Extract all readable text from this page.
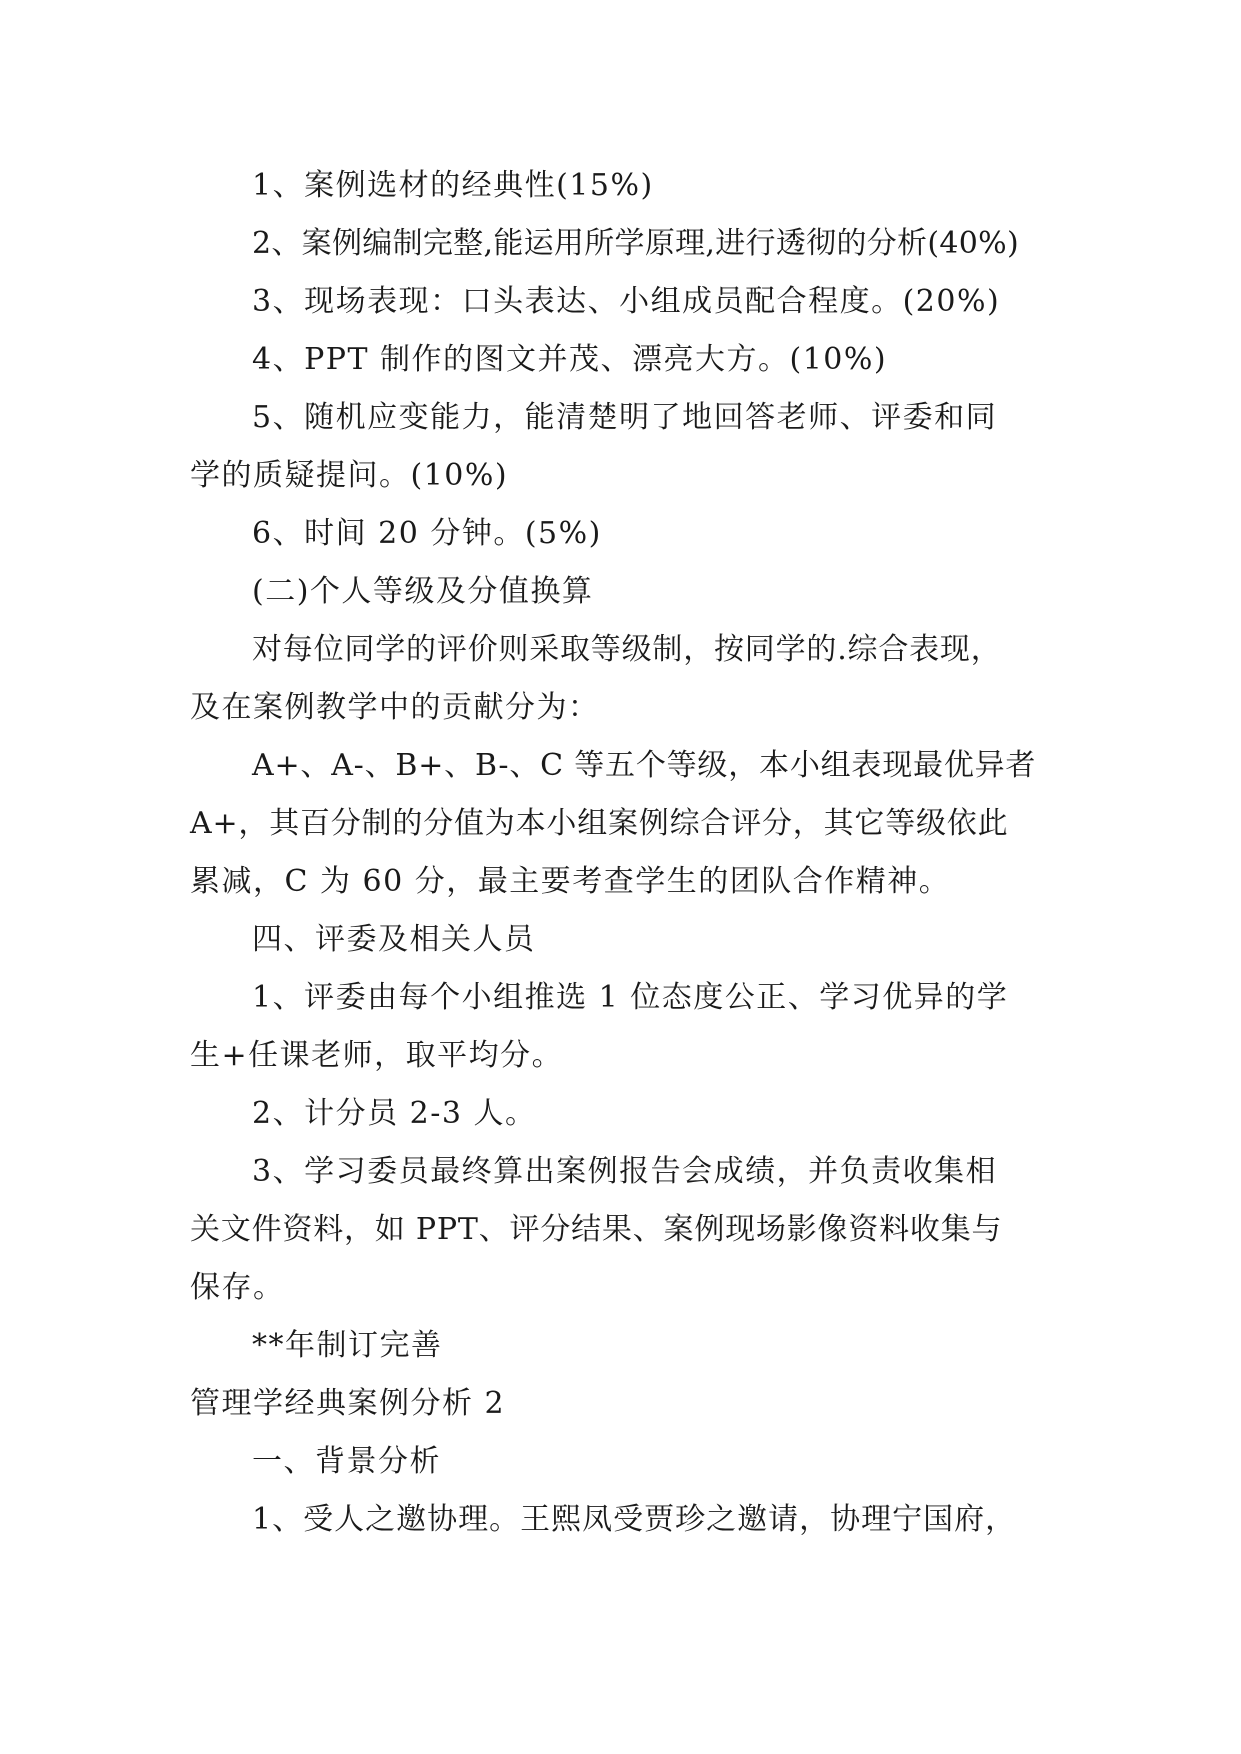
1、案例选材的经典性(15%)
2、案例编制完整,能运用所学原理,进行透彻的分析(40%)
3、现场表现：口头表达、小组成员配合程度。(20%)
4、PPT 制作的图文并茂、漂亮大方。(10%)
5、随机应变能力，能清楚明了地回答老师、评委和同
学的质疑提问。(10%)
6、时间 20 分钟。(5%)
(二)个人等级及分值换算
对每位同学的评价则采取等级制，按同学的.综合表现，
及在案例教学中的贡献分为：
A+、A-、B+、B-、C 等五个等级，本小组表现最优异者
A+，其百分制的分值为本小组案例综合评分，其它等级依此
累减，C 为 60 分，最主要考查学生的团队合作精神。
四、评委及相关人员
1、评委由每个小组推选 1 位态度公正、学习优异的学
生+任课老师，取平均分。
2、计分员 2-3 人。
3、学习委员最终算出案例报告会成绩，并负责收集相
关文件资料，如 PPT、评分结果、案例现场影像资料收集与
保存。
**年制订完善
管理学经典案例分析 2
一、背景分析
1、受人之邀协理。王熙凤受贾珍之邀请，协理宁国府，
